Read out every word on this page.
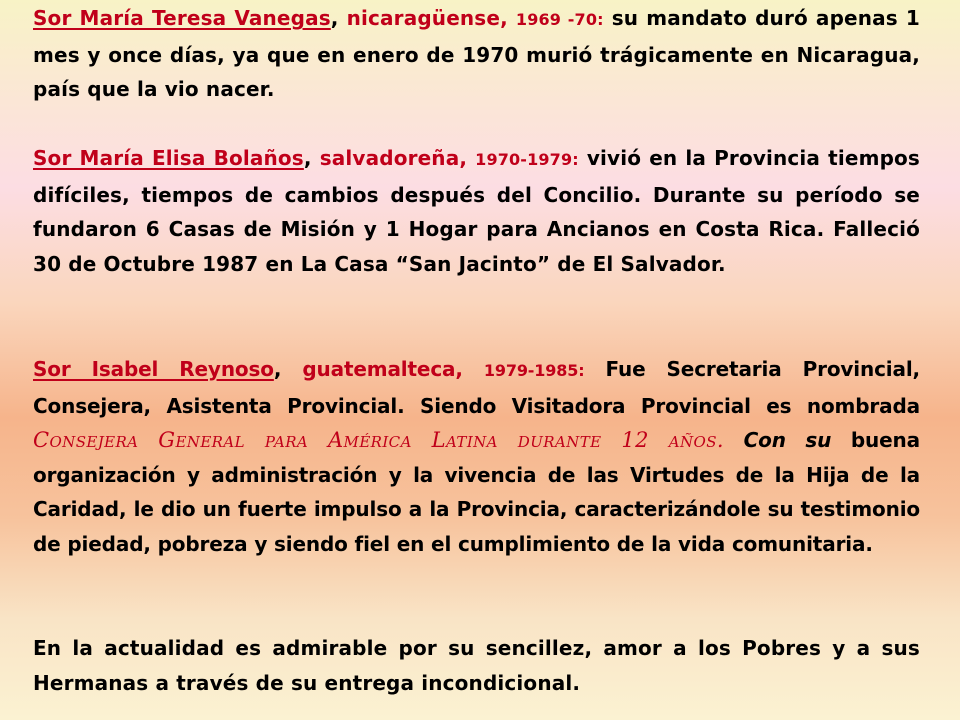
Sor María Teresa Vanegas, nicaragüense, 1969 -70: su mandato duró apenas 1 mes y once días, ya que en enero de 1970 murió trágicamente en Nicaragua, país que la vio nacer.

Sor María Elisa Bolaños, salvadoreña, 1970-1979: vivió en la Provincia tiempos difíciles, tiempos de cambios después del Concilio. Durante su período se fundaron 6 Casas de Misión y 1 Hogar para Ancianos en Costa Rica. Falleció 30 de Octubre 1987 en La Casa “San Jacinto” de El Salvador.

Sor Isabel Reynoso, guatemalteca, 1979-1985: Fue Secretaria Provincial, Consejera, Asistenta Provincial. Siendo Visitadora Provincial es nombrada Consejera General para América Latina durante 12 años. Con su buena organización y administración y la vivencia de las Virtudes de la Hija de la Caridad, le dio un fuerte impulso a la Provincia, caracterizándole su testimonio de piedad, pobreza y siendo fiel en el cumplimiento de la vida comunitaria.

En la actualidad es admirable por su sencillez, amor a los Pobres y a sus Hermanas a través de su entrega incondicional.
